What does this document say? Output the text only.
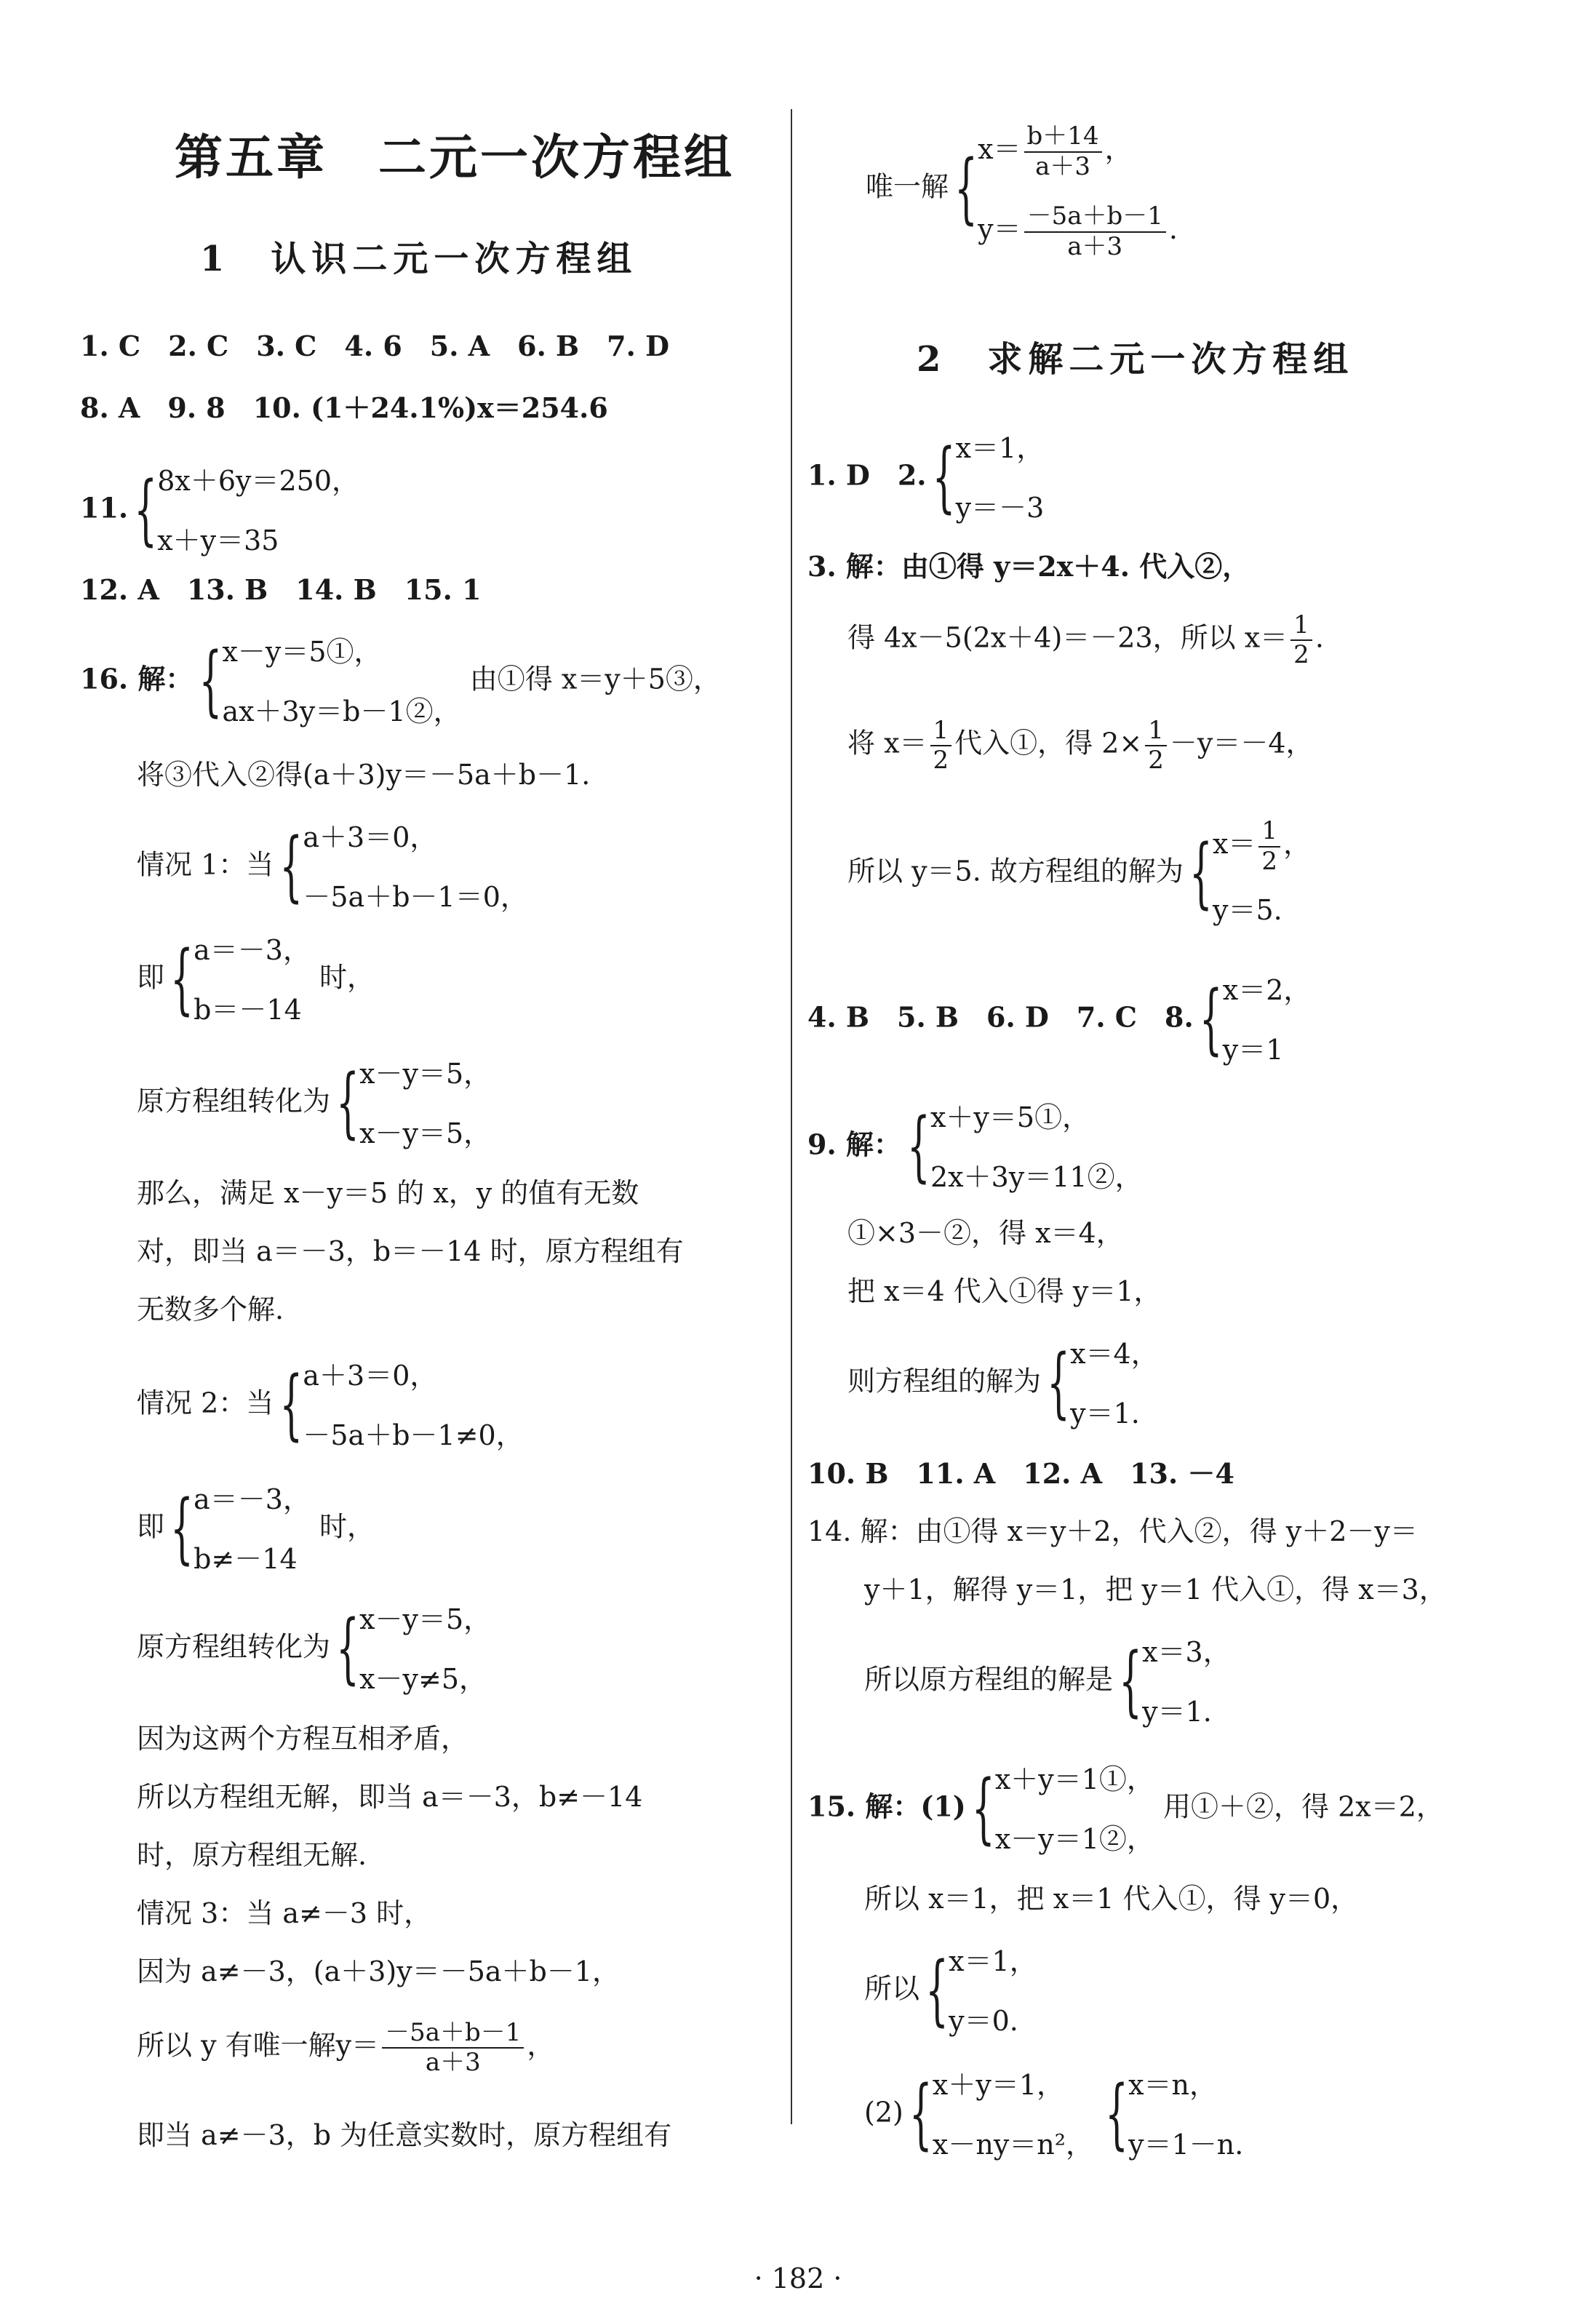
第五章　二元一次方程组
1　认识二元一次方程组
1. C　2. C　3. C　4. 6　5. A　6. B　7. D
8. A　9. 8　10. (1＋24.1%)x＝254.6
11.
{ 8x＋6y＝250，
x＋y＝35
12. A　13. B　14. B　15. 1
16. 解：
{ x－y＝5①，
ax＋3y＝b－1②，
由①得 x＝y＋5③，
将③代入②得(a＋3)y＝－5a＋b－1.
情况 1：当
{ a＋3＝0，
－5a＋b－1＝0，
即
{ a＝－3，
b＝－14
时，
原方程组转化为
{ x－y＝5，
x－y＝5，
那么，满足 x－y＝5 的 x，y 的值有无数
对，即当 a＝－3，b＝－14 时，原方程组有
无数多个解.
情况 2：当
{ a＋3＝0，
－5a＋b－1≠0，
即
{ a＝－3，
b≠－14
时，
原方程组转化为
{ x－y＝5，
x－y≠5，
因为这两个方程互相矛盾，
所以方程组无解，即当 a＝－3，b≠－14
时，原方程组无解.
情况 3：当 a≠－3 时，
因为 a≠－3，(a＋3)y＝－5a＋b－1，
所以 y 有唯一解$y= \frac{-5a+b-1}{a+3}$ ，
即当 a≠－3，b 为任意实数时，原方程组有
唯一解
{ $x= \frac{b+14}{a+3}$ ，
$y= \frac{-5a+b-1}{a+3}$ .
2　求解二元一次方程组
1. D　2.
{ x＝1，
y＝－3
3. 解：由①得 y＝2x＋4. 代入②，
得 4x－5(2x＋4)＝－23，所以 $x= \frac{1}{2}$ .
将 $x= \frac{1}{2}$ 代入①，得 $2\times \frac{1}{2} -y=-4$，
所以 y＝5. 故方程组的解为
{ $x= \frac{1}{2}$ ，
y＝5.
4. B　5. B　6. D　7. C　8.
{ x＝2，
y＝1
9. 解：
{ x＋y＝5①，
2x＋3y＝11②，
①×3－②，得 x＝4，
把 x＝4 代入①得 y＝1，
则方程组的解为
{ x＝4，
y＝1.
10. B　11. A　12. A　13. －4
14. 解：由①得 x＝y＋2，代入②，得 y＋2－y＝
y＋1，解得 y＝1，把 y＝1 代入①，得 x＝3，
所以原方程组的解是
{ x＝3，
y＝1.
15. 解：(1)
{ x＋y＝1①，
x－y＝1②，
用①＋②，得 2x＝2，
所以 x＝1，把 x＝1 代入①，得 y＝0，
所以
{ x＝1，
y＝0.
(2)
{ x＋y＝1，
x－ny＝n²，

{ x＝n，
y＝1－n.
· 182 ·
